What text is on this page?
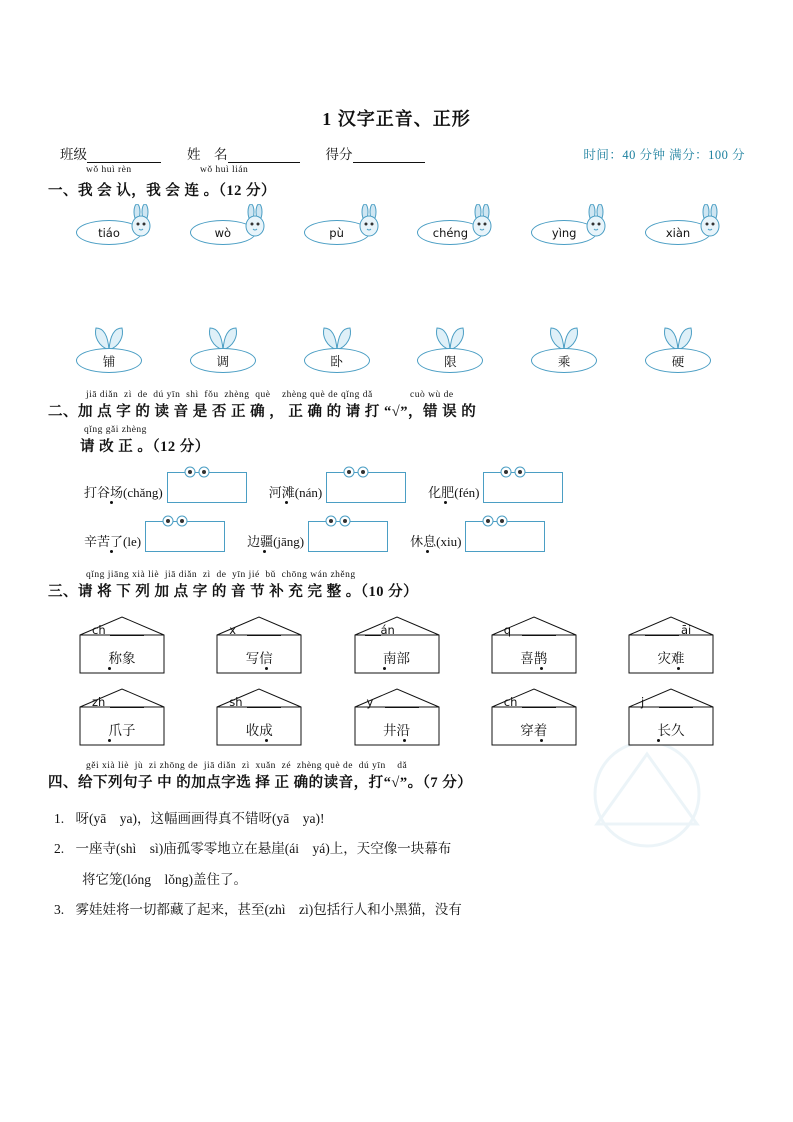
1 汉字正音、正形
班级	姓　名	得分	时间：40 分钟 满分：100 分
wǒ huì rèn	wǒ huì lián
一、我 会 认，我 会 连 。（12 分）
tiáo	wò	pù	chéng	yìng	xiàn
铺	调	卧	限	乘	硬
jiā diǎn  zì  de  dú yīn  shì  fǒu  zhèng  què    zhèng què de qǐng dǎ             cuò wù de
二、加 点 字 的 读 音 是 否 正 确 ， 正 确 的 请 打 “√”，错 误 的
qǐng gǎi zhèng
请 改 正 。（12 分）
打谷场(chǎng)	河滩(nán)	化肥(fén)
辛苦了(le)	边疆(jāng)	休息(xiu)
qǐng jiāng xià liè  jiā diǎn  zì  de  yīn jié  bǔ  chōng wán zhěng
三、请 将 下 列 加 点 字 的 音 节 补 充 完 整 。（10 分）
ch
称象
x
写信
án
南部
q
喜鹊
āi
灾难
zh
爪子
sh
收成
y
井沿
ch
穿着
j
长久
gěi xià liè  jù  zi zhōng de  jiā diǎn  zì  xuǎn  zé  zhèng què de  dú yīn    dǎ
四、给下列句子 中 的加点字选 择 正 确的读音，打“√”。（7 分）
1. 呀(yā　ya)，这幅画画得真不错呀(yā　ya)!
2. 一座寺(shì　sì)庙孤零零地立在悬崖(ái　yá)上，天空像一块幕布
将它笼(lóng　lǒng)盖住了。
3. 雾娃娃将一切都藏了起来，甚至(zhì　zì)包括行人和小黑猫，没有
